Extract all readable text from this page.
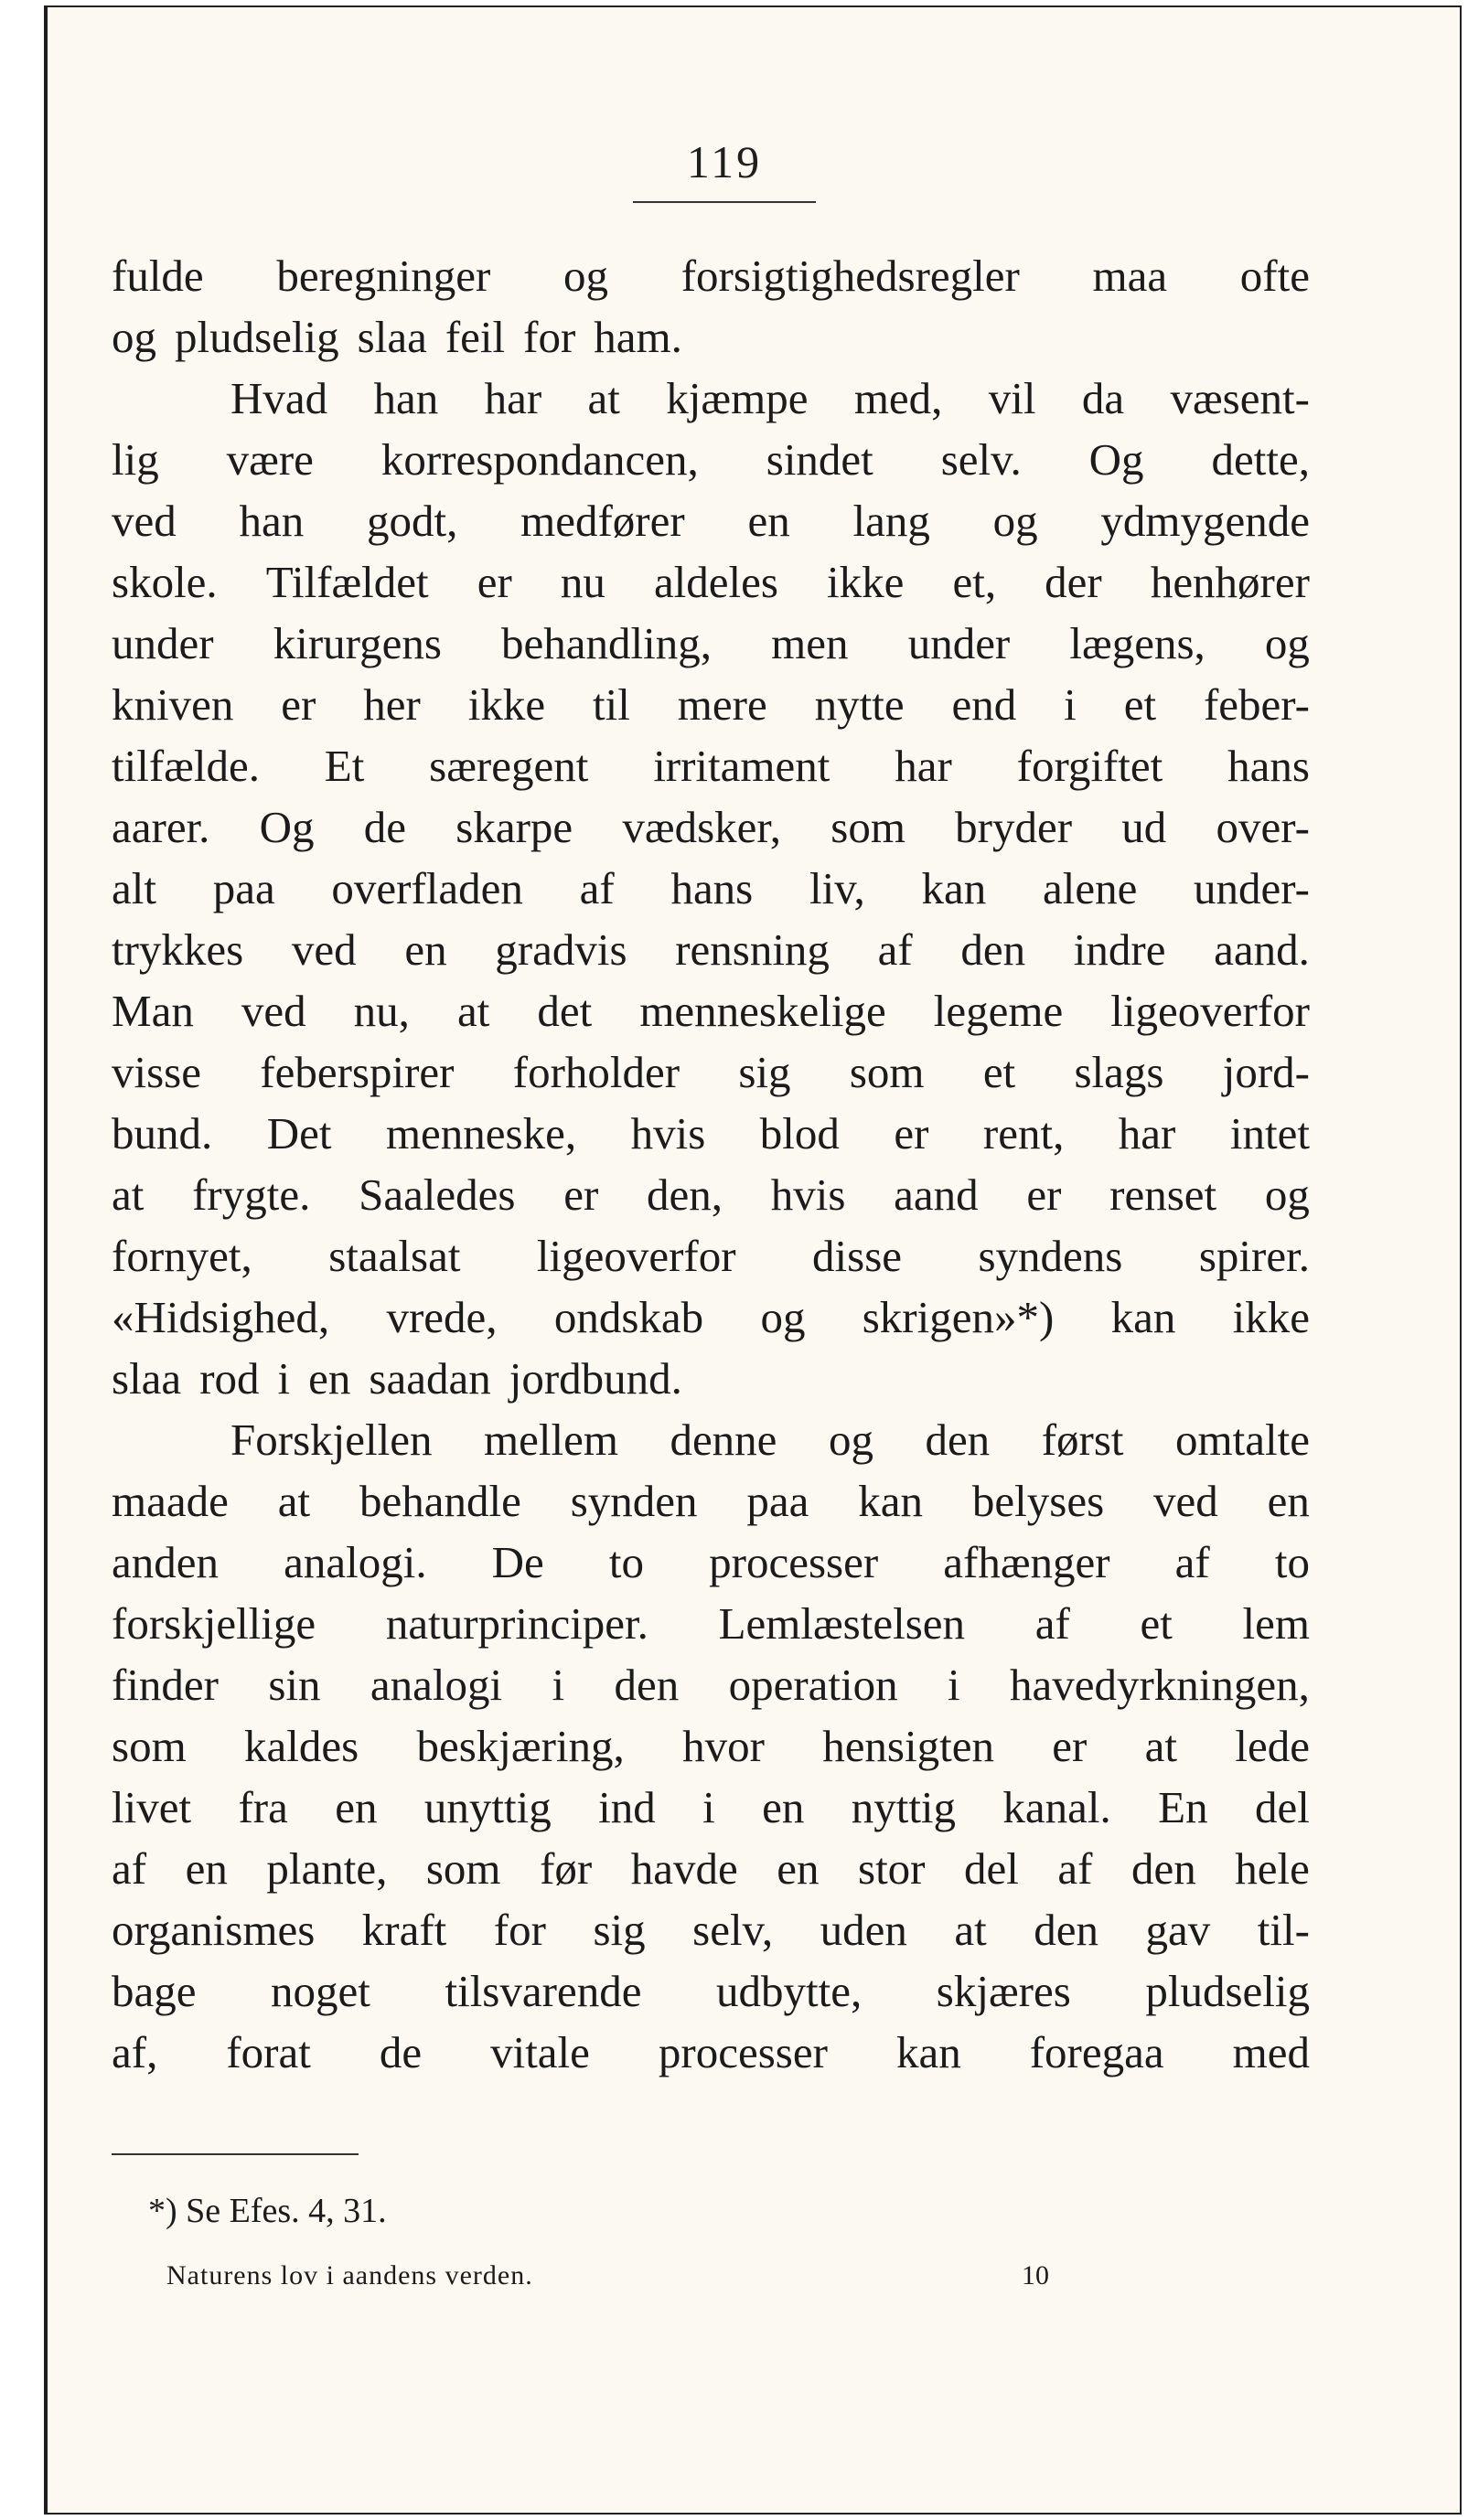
119
fulde beregninger og forsigtighedsregler maa ofte
og pludselig slaa feil for ham.
Hvad han har at kjæmpe med, vil da væsent-
lig være korrespondancen, sindet selv. Og dette,
ved han godt, medfører en lang og ydmygende
skole. Tilfældet er nu aldeles ikke et, der henhører
under kirurgens behandling, men under lægens, og
kniven er her ikke til mere nytte end i et feber-
tilfælde. Et særegent irritament har forgiftet hans
aarer. Og de skarpe vædsker, som bryder ud over-
alt paa overfladen af hans liv, kan alene under-
trykkes ved en gradvis rensning af den indre aand.
Man ved nu, at det menneskelige legeme ligeoverfor
visse feberspirer forholder sig som et slags jord-
bund. Det menneske, hvis blod er rent, har intet
at frygte. Saaledes er den, hvis aand er renset og
fornyet, staalsat ligeoverfor disse syndens spirer.
«Hidsighed, vrede, ondskab og skrigen»*) kan ikke
slaa rod i en saadan jordbund.
Forskjellen mellem denne og den først omtalte
maade at behandle synden paa kan belyses ved en
anden analogi. De to processer afhænger af to
forskjellige naturprinciper. Lemlæstelsen af et lem
finder sin analogi i den operation i havedyrkningen,
som kaldes beskjæring, hvor hensigten er at lede
livet fra en unyttig ind i en nyttig kanal. En del
af en plante, som før havde en stor del af den hele
organismes kraft for sig selv, uden at den gav til-
bage noget tilsvarende udbytte, skjæres pludselig
af, forat de vitale processer kan foregaa med
*) Se Efes. 4, 31.
Naturens lov i aandens verden.	10
